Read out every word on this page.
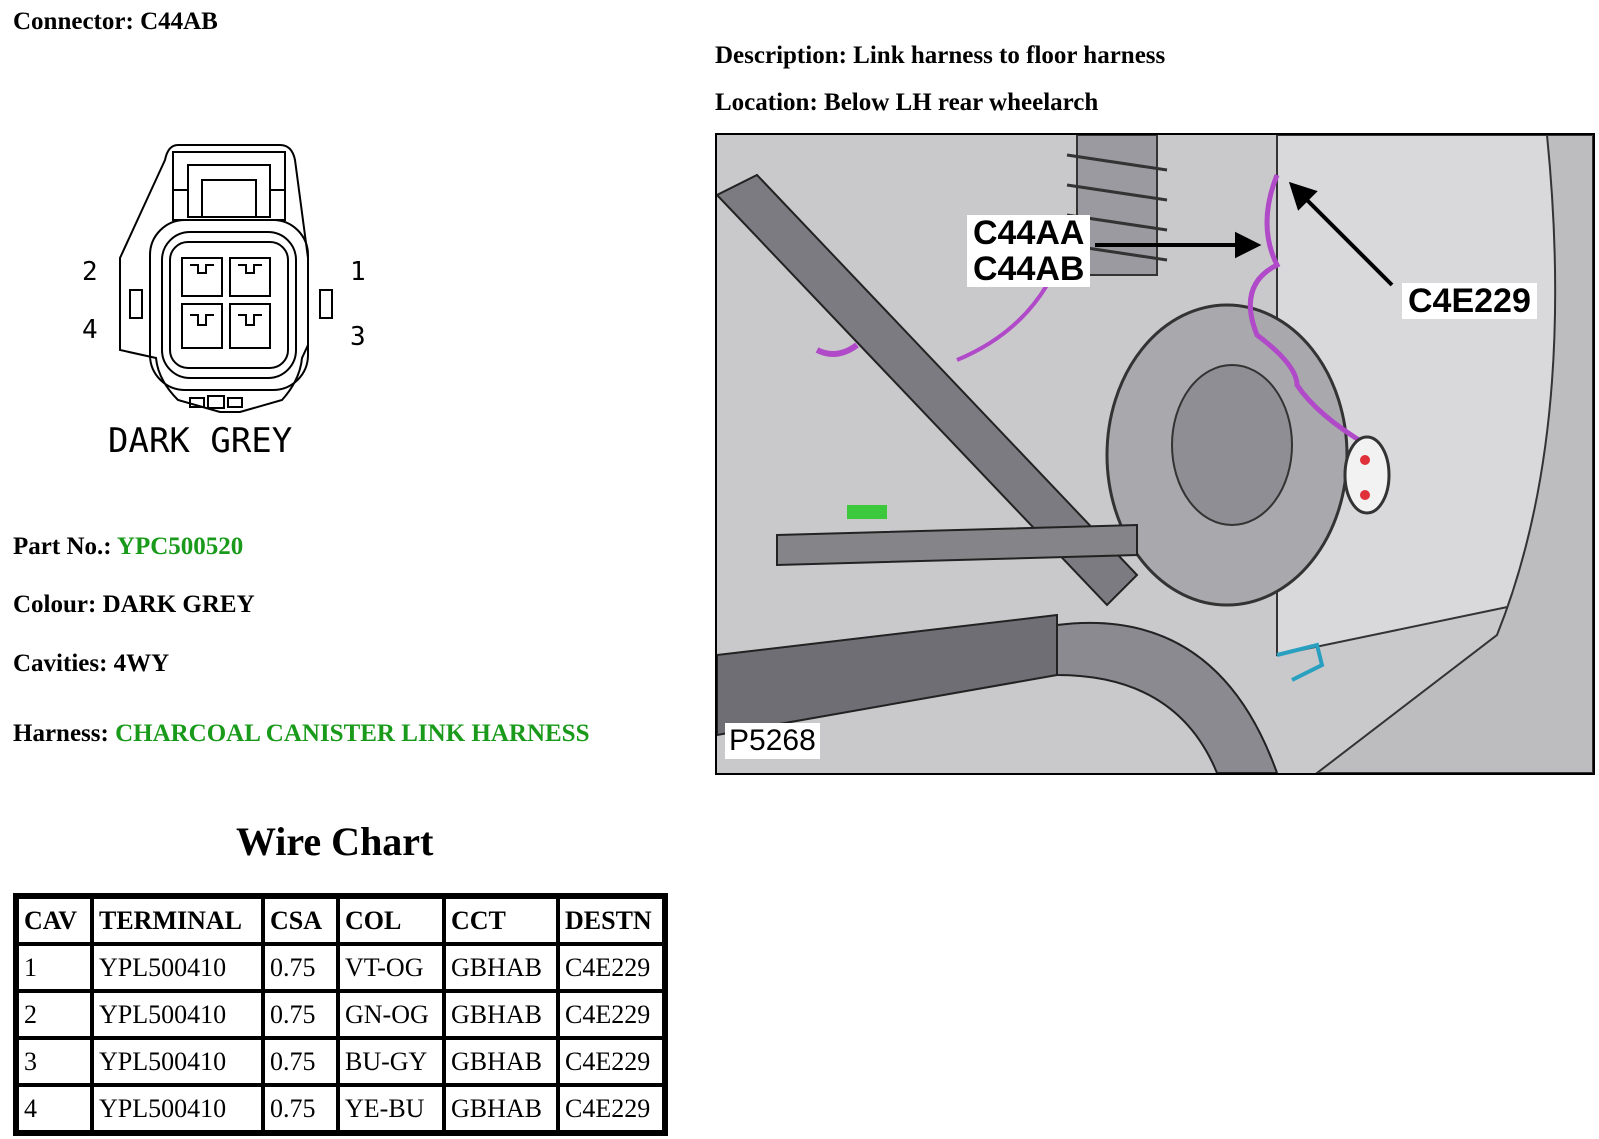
Connector: C44AB
Description: Link harness to floor harness
Location: Below LH rear wheelarch
1
2
3
4
DARK GREY
Part No.: YPC500520
Colour: DARK GREY
Cavities: 4WY
Harness: CHARCOAL CANISTER LINK HARNESS
Wire Chart
CAV	TERMINAL	CSA	COL	CCT	DESTN
1	YPL500410	0.75	VT-OG	GBHAB	C4E229
2	YPL500410	0.75	GN-OG	GBHAB	C4E229
3	YPL500410	0.75	BU-GY	GBHAB	C4E229
4	YPL500410	0.75	YE-BU	GBHAB	C4E229
C44AA
C44AB
C4E229
P5268
